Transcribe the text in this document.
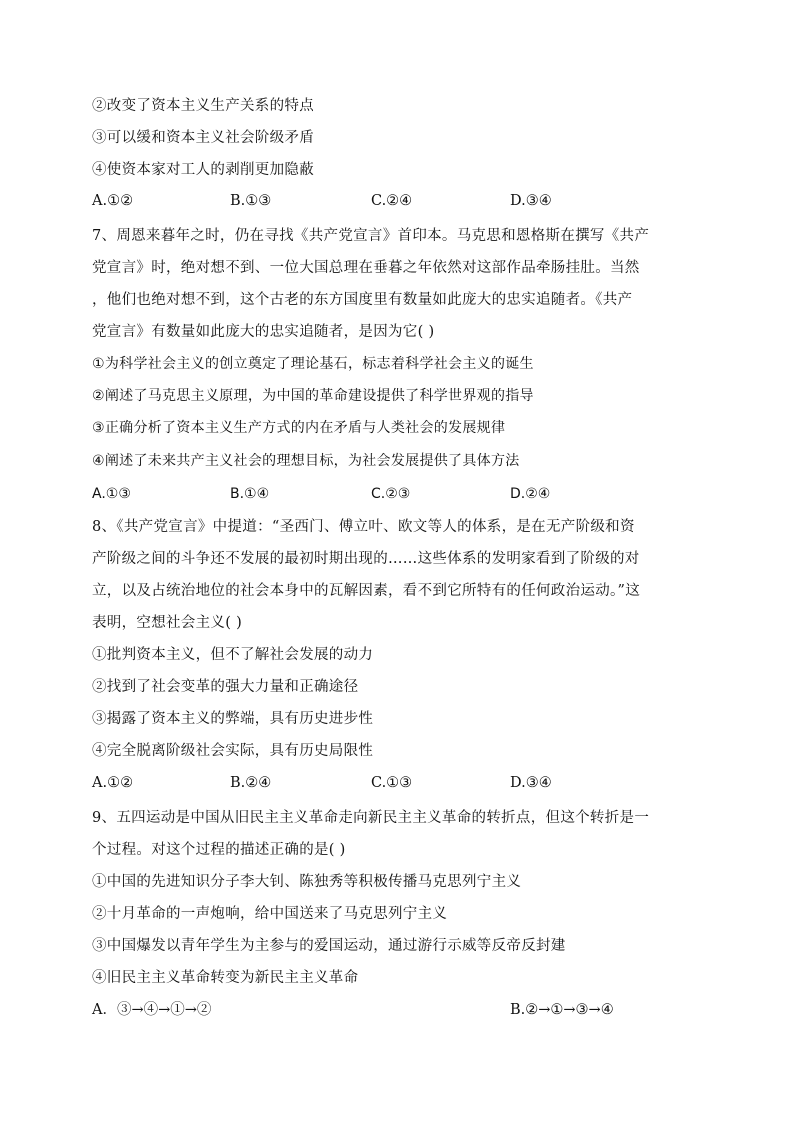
②改变了资本主义生产关系的特点
③可以缓和资本主义社会阶级矛盾
④使资本家对工人的剥削更加隐蔽
A.①②	B.①③	C.②④	D.③④
7、周恩来暮年之时，仍在寻找《共产党宣言》首印本。马克思和恩格斯在撰写《共产
党宣言》时，绝对想不到、一位大国总理在垂暮之年依然对这部作品牵肠挂肚。当然
，他们也绝对想不到，这个古老的东方国度里有数量如此庞大的忠实追随者。《共产
党宣言》有数量如此庞大的忠实追随者，是因为它( )
①为科学社会主义的创立奠定了理论基石，标志着科学社会主义的诞生
②阐述了马克思主义原理，为中国的革命建设提供了科学世界观的指导
③正确分析了资本主义生产方式的内在矛盾与人类社会的发展规律
④阐述了未来共产主义社会的理想目标，为社会发展提供了具体方法
A.①③	B.①④	C.②③	D.②④
8、《共产党宣言》中提道：“圣西门、傅立叶、欧文等人的体系，是在无产阶级和资
产阶级之间的斗争还不发展的最初时期出现的……这些体系的发明家看到了阶级的对
立，以及占统治地位的社会本身中的瓦解因素，看不到它所特有的任何政治运动。”这
表明，空想社会主义( )
①批判资本主义，但不了解社会发展的动力
②找到了社会变革的强大力量和正确途径
③揭露了资本主义的弊端，具有历史进步性
④完全脱离阶级社会实际，具有历史局限性
A.①②	B.②④	C.①③	D.③④
9、五四运动是中国从旧民主主义革命走向新民主主义革命的转折点，但这个转折是一
个过程。对这个过程的描述正确的是( )
①中国的先进知识分子李大钊、陈独秀等积极传播马克思列宁主义
②十月革命的一声炮响，给中国送来了马克思列宁主义
③中国爆发以青年学生为主参与的爱国运动，通过游行示威等反帝反封建
④旧民主主义革命转变为新民主主义革命
A．③→④→①→②	B.②→①→③→④
